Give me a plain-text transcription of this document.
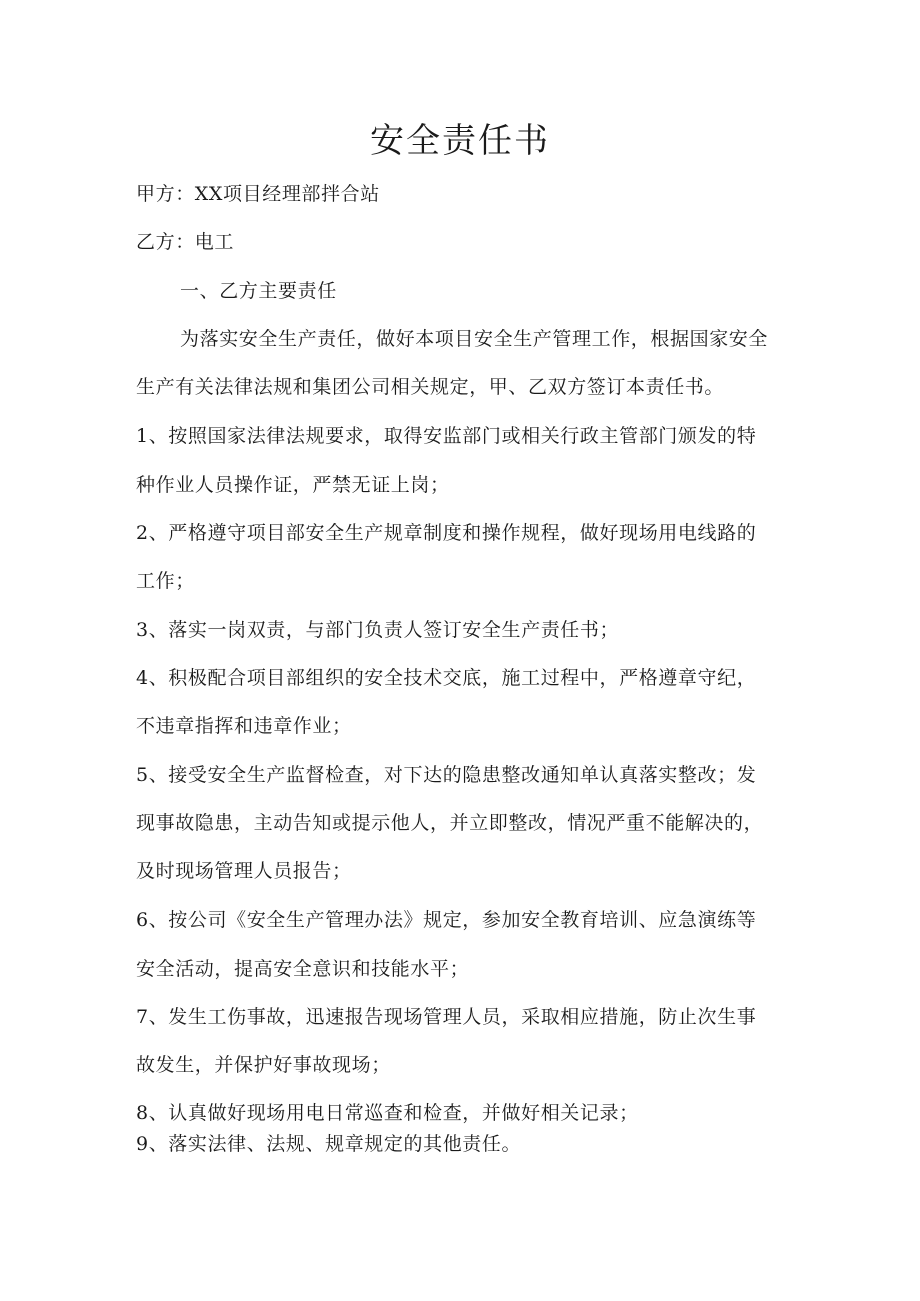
安全责任书
甲方：XX项目经理部拌合站
乙方：电工
一、乙方主要责任
为落实安全生产责任，做好本项目安全生产管理工作，根据国家安全
生产有关法律法规和集团公司相关规定，甲、乙双方签订本责任书。
1、按照国家法律法规要求，取得安监部门或相关行政主管部门颁发的特
种作业人员操作证，严禁无证上岗；
2、严格遵守项目部安全生产规章制度和操作规程，做好现场用电线路的
工作；
3、落实一岗双责，与部门负责人签订安全生产责任书；
4、积极配合项目部组织的安全技术交底，施工过程中，严格遵章守纪，
不违章指挥和违章作业；
5、接受安全生产监督检查，对下达的隐患整改通知单认真落实整改；发
现事故隐患，主动告知或提示他人，并立即整改，情况严重不能解决的，
及时现场管理人员报告；
6、按公司《安全生产管理办法》规定，参加安全教育培训、应急演练等
安全活动，提高安全意识和技能水平；
7、发生工伤事故，迅速报告现场管理人员，采取相应措施，防止次生事
故发生，并保护好事故现场；
8、认真做好现场用电日常巡查和检查，并做好相关记录；
9、落实法律、法规、规章规定的其他责任。
